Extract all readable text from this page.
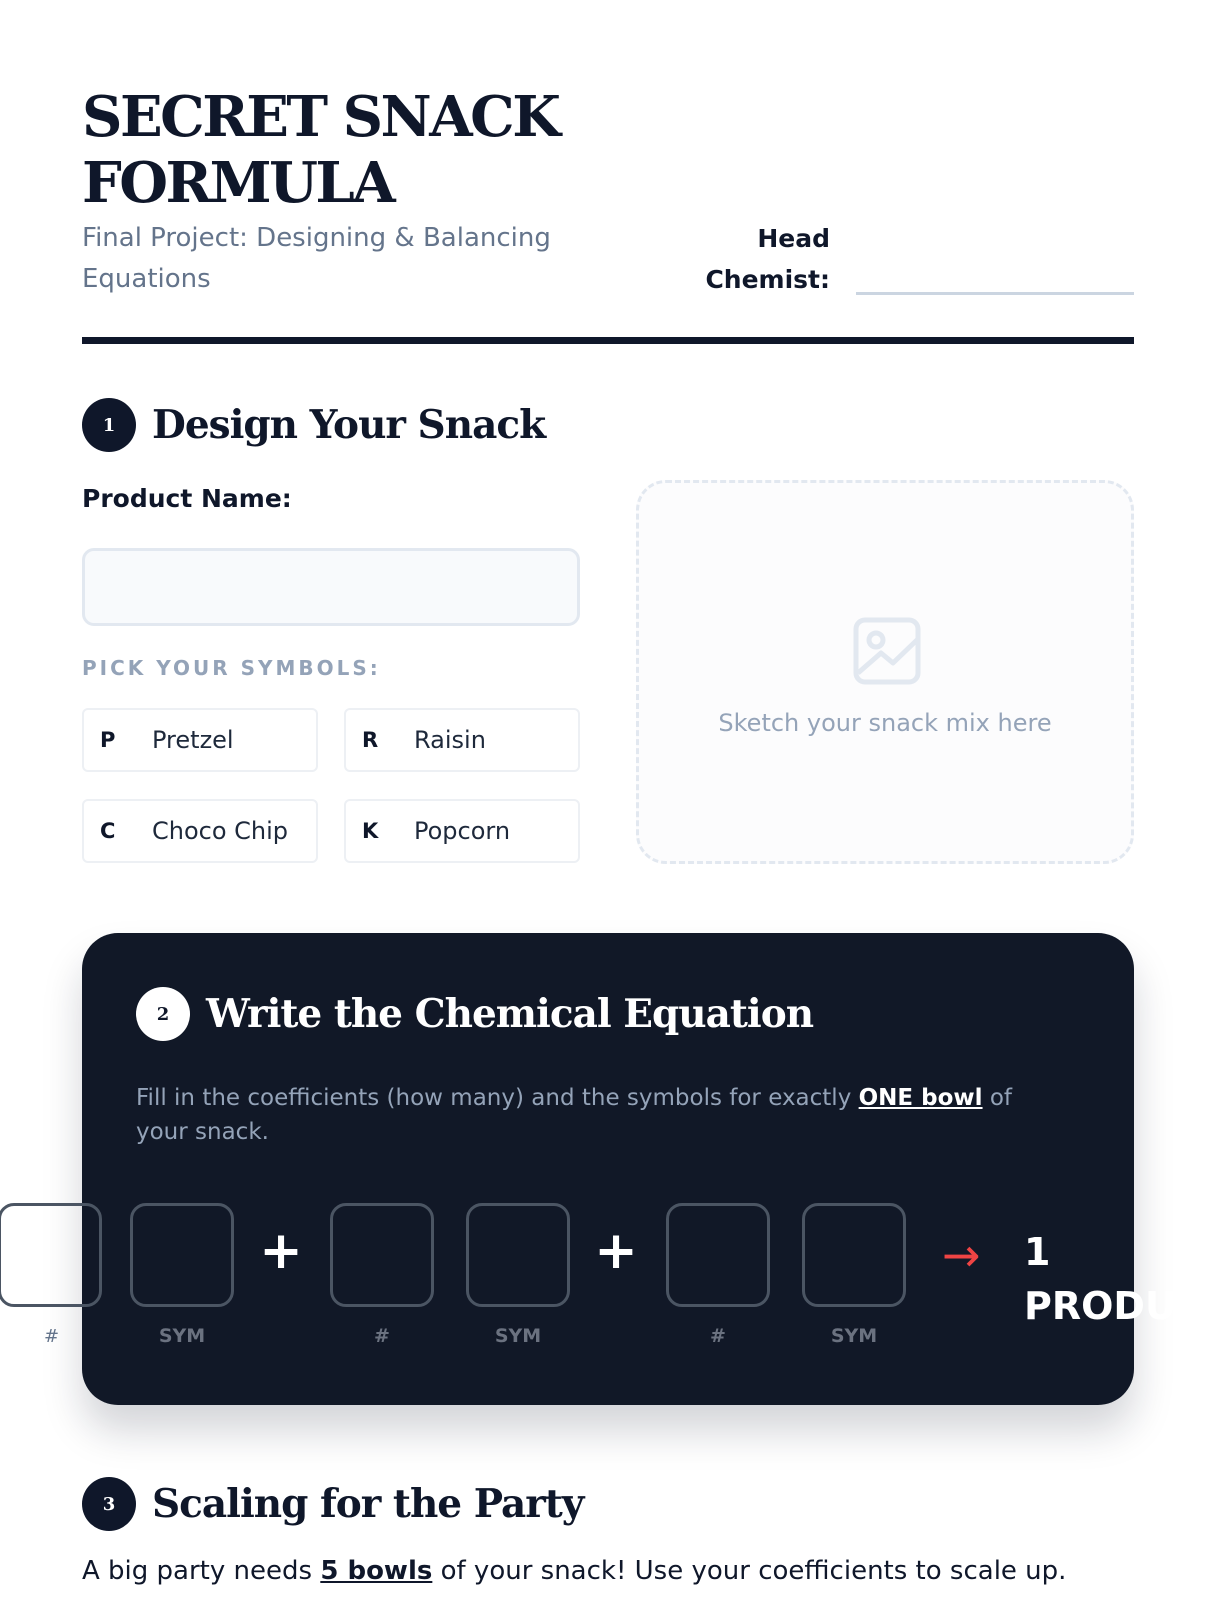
SECRET SNACK FORMULA
Final Project: Designing & Balancing Equations
Head Chemist:
1 Design Your Snack
Product Name:
PICK YOUR SYMBOLS:
P	Pretzel	R	Raisin
C	Choco Chip	K	Popcorn
Sketch your snack mix here
2 Write the Chemical Equation
Fill in the coefficients (how many) and the symbols for exactly ONE bowl of your snack.
SYM
+
#	SYM
+
#	SYM
→ 1
PRODUCT
#
3 Scaling for the Party
A big party needs 5 bowls of your snack! Use your coefficients to scale up.
